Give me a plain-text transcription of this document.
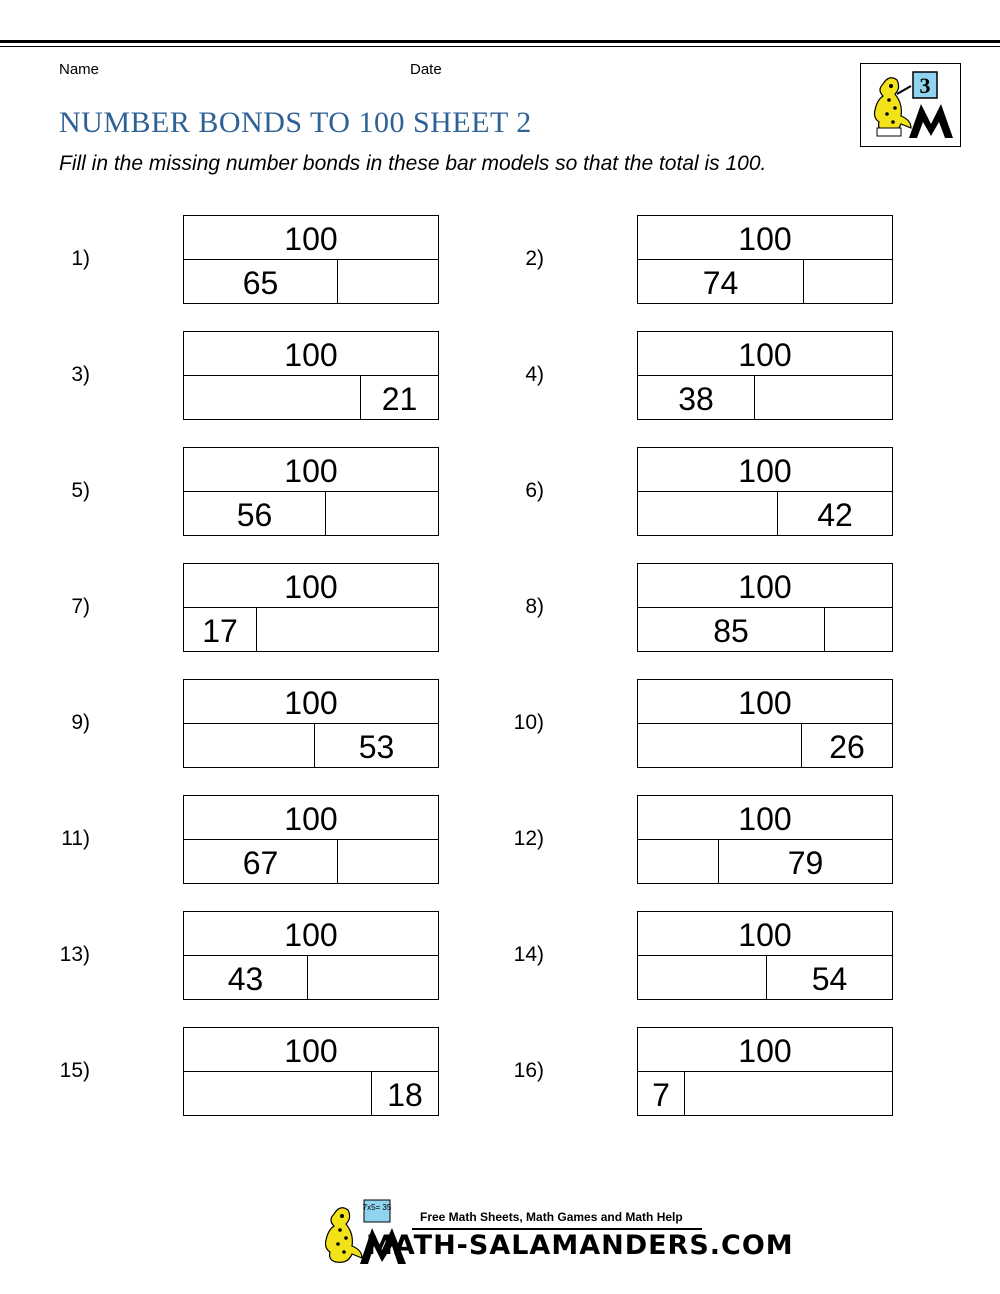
Name	Date
NUMBER BONDS TO 100 SHEET 2
Fill in the missing number bonds in these bar models so that the total is 100.
3
1)
100
65
2)
100
74
3)
100
21
4)
100
38
5)
100
56
6)
100
42
7)
100
17
8)
100
85
9)
100
53
10)
100
26
11)
100
67
12)
100
79
13)
100
43
14)
100
54
15)
100
18
16)
100
7
7x5= 35
Free Math Sheets, Math Games and Math Help
MATH-SALAMANDERS.COM
